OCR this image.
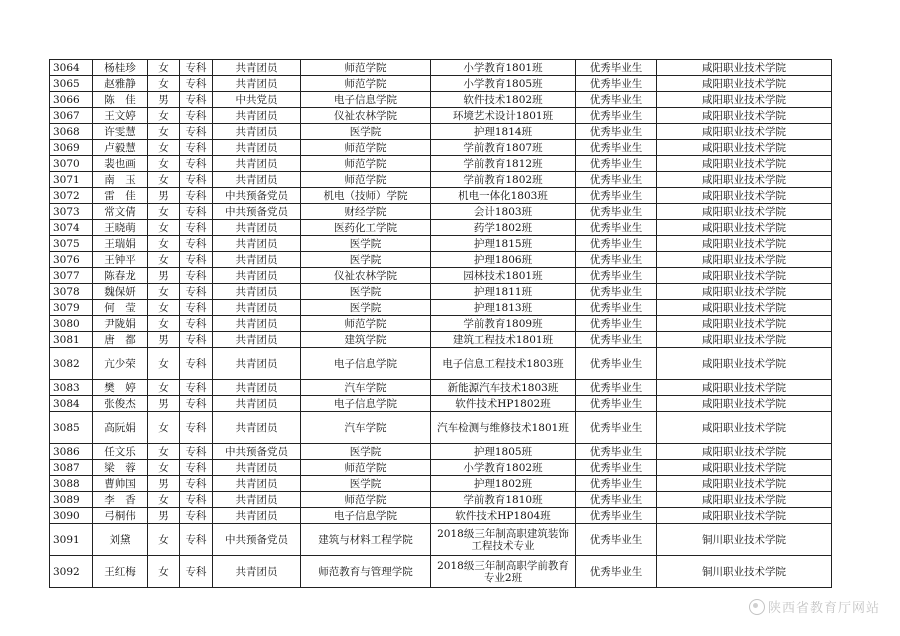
3064	杨桂珍	女	专科	共青团员	师范学院	小学教育1801班	优秀毕业生	咸阳职业技术学院
3065	赵雅静	女	专科	共青团员	师范学院	小学教育1805班	优秀毕业生	咸阳职业技术学院
3066	陈　佳	男	专科	中共党员	电子信息学院	软件技术1802班	优秀毕业生	咸阳职业技术学院
3067	王文婷	女	专科	共青团员	仪祉农林学院	环境艺术设计1801班	优秀毕业生	咸阳职业技术学院
3068	许雯慧	女	专科	共青团员	医学院	护理1814班	优秀毕业生	咸阳职业技术学院
3069	卢毅慧	女	专科	共青团员	师范学院	学前教育1807班	优秀毕业生	咸阳职业技术学院
3070	裴也画	女	专科	共青团员	师范学院	学前教育1812班	优秀毕业生	咸阳职业技术学院
3071	南　玉	女	专科	共青团员	师范学院	学前教育1802班	优秀毕业生	咸阳职业技术学院
3072	雷　佳	男	专科	中共预备党员	机电（技师）学院	机电一体化1803班	优秀毕业生	咸阳职业技术学院
3073	常文倩	女	专科	中共预备党员	财经学院	会计1803班	优秀毕业生	咸阳职业技术学院
3074	王晓萌	女	专科	共青团员	医药化工学院	药学1802班	优秀毕业生	咸阳职业技术学院
3075	王瑞娟	女	专科	共青团员	医学院	护理1815班	优秀毕业生	咸阳职业技术学院
3076	王钟平	女	专科	共青团员	医学院	护理1806班	优秀毕业生	咸阳职业技术学院
3077	陈春龙	男	专科	共青团员	仪祉农林学院	园林技术1801班	优秀毕业生	咸阳职业技术学院
3078	魏保妍	女	专科	共青团员	医学院	护理1811班	优秀毕业生	咸阳职业技术学院
3079	何　莹	女	专科	共青团员	医学院	护理1813班	优秀毕业生	咸阳职业技术学院
3080	尹陇娟	女	专科	共青团员	师范学院	学前教育1809班	优秀毕业生	咸阳职业技术学院
3081	唐　都	男	专科	共青团员	建筑学院	建筑工程技术1801班	优秀毕业生	咸阳职业技术学院
3082	亢少荣	女	专科	共青团员	电子信息学院	电子信息工程技术1803班	优秀毕业生	咸阳职业技术学院
3083	樊　婷	女	专科	共青团员	汽车学院	新能源汽车技术1803班	优秀毕业生	咸阳职业技术学院
3084	张俊杰	男	专科	共青团员	电子信息学院	软件技术HP1802班	优秀毕业生	咸阳职业技术学院
3085	高阮娟	女	专科	共青团员	汽车学院	汽车检测与维修技术1801班	优秀毕业生	咸阳职业技术学院
3086	任文乐	女	专科	中共预备党员	医学院	护理1805班	优秀毕业生	咸阳职业技术学院
3087	梁　蓉	女	专科	共青团员	师范学院	小学教育1802班	优秀毕业生	咸阳职业技术学院
3088	曹帅国	男	专科	共青团员	医学院	护理1802班	优秀毕业生	咸阳职业技术学院
3089	李　香	女	专科	共青团员	师范学院	学前教育1810班	优秀毕业生	咸阳职业技术学院
3090	弓桐伟	男	专科	共青团员	电子信息学院	软件技术HP1804班	优秀毕业生	咸阳职业技术学院
3091	刘黛	女	专科	中共预备党员	建筑与材料工程学院	2018级三年制高职建筑装饰工程技术专业	优秀毕业生	铜川职业技术学院
3092	王红梅	女	专科	共青团员	师范教育与管理学院	2018级三年制高职学前教育专业2班	优秀毕业生	铜川职业技术学院
陕西省教育厅网站
